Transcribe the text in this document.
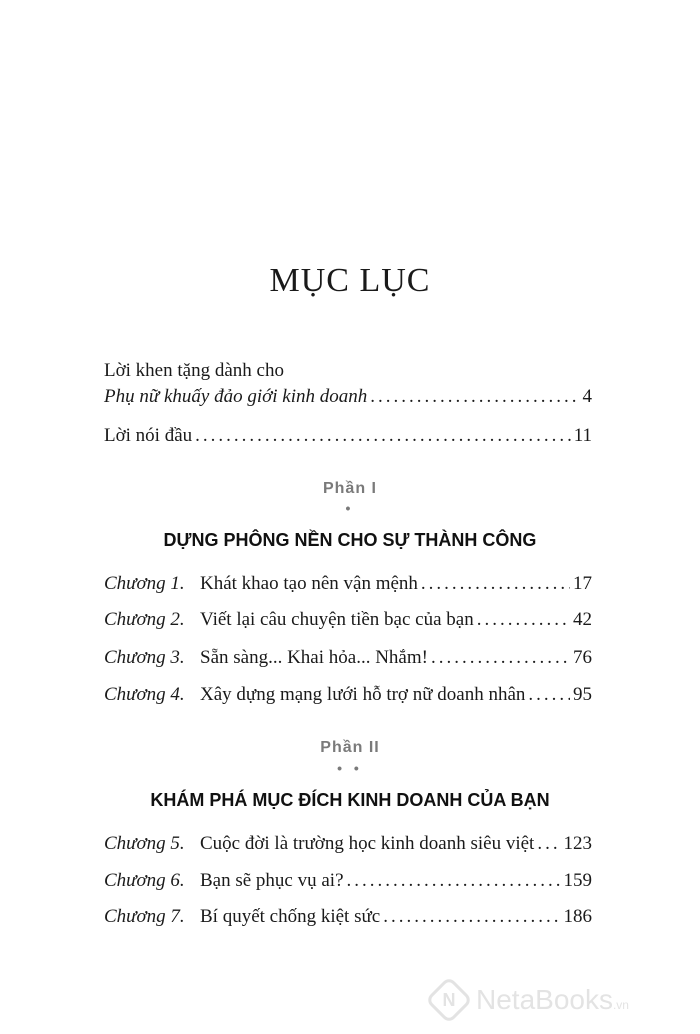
MỤC LỤC
Lời khen tặng dành cho
Phụ nữ khuấy đảo giới kinh doanh .....	4
Lời nói đầu .....	11
Phần I
•
DỰNG PHÔNG NỀN CHO SỰ THÀNH CÔNG
Chương 1. Khát khao tạo nên vận mệnh .....	17
Chương 2. Viết lại câu chuyện tiền bạc của bạn .....	42
Chương 3. Sẵn sàng... Khai hỏa... Nhắm! .....	76
Chương 4. Xây dựng mạng lưới hỗ trợ nữ doanh nhân .....	95
Phần II
• •
KHÁM PHÁ MỤC ĐÍCH KINH DOANH CỦA BẠN
Chương 5. Cuộc đời là trường học kinh doanh siêu việt ..... 123
Chương 6. Bạn sẽ phục vụ ai? .....	159
Chương 7. Bí quyết chống kiệt sức .....	186
N NetaBooks.vn
